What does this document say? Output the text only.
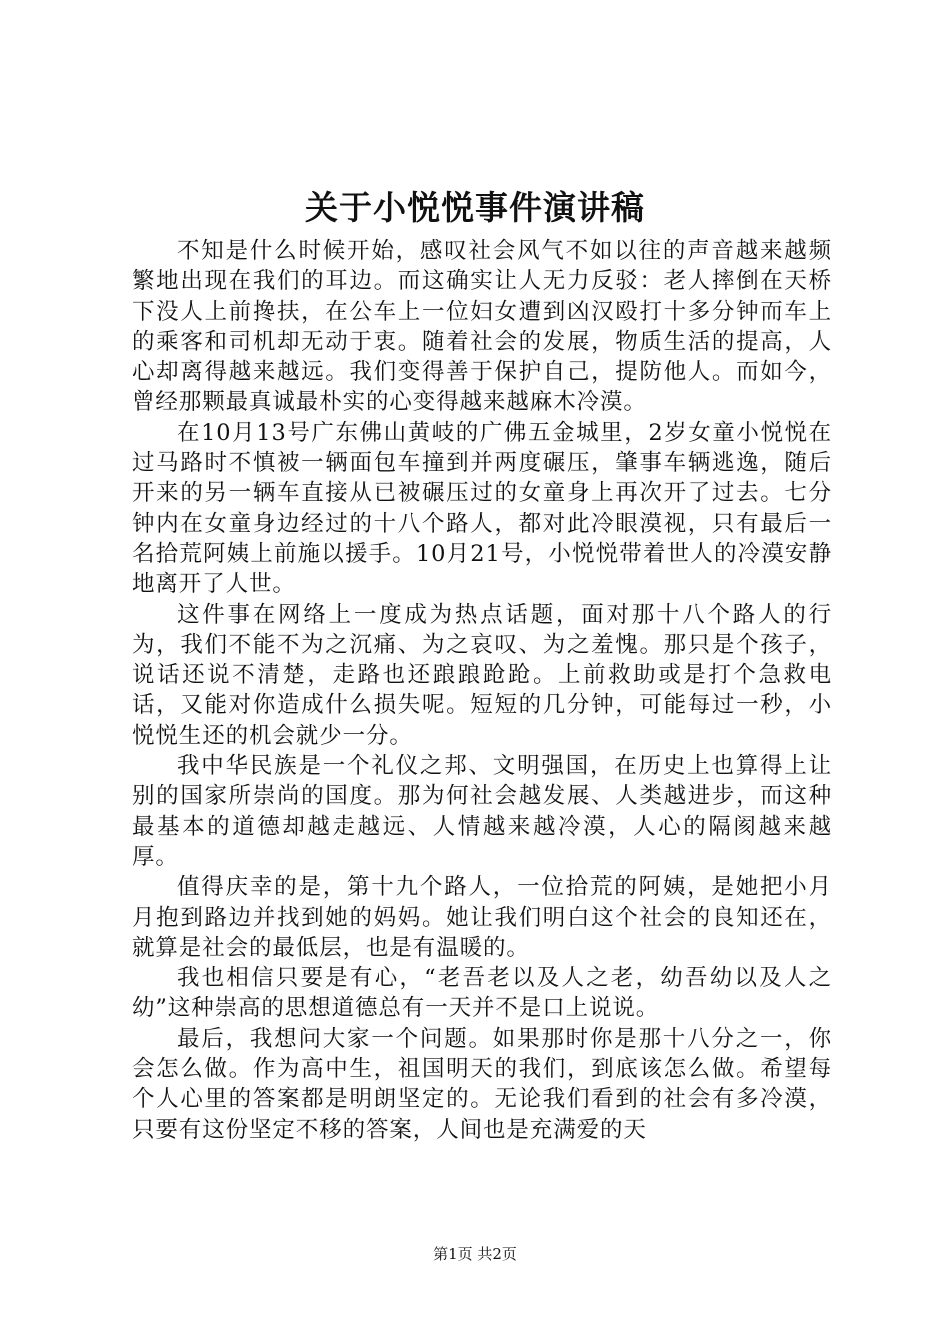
关于小悦悦事件演讲稿

不知是什么时候开始，感叹社会风气不如以往的声音越来越频繁地出现在我们的耳边。而这确实让人无力反驳：老人摔倒在天桥下没人上前搀扶，在公车上一位妇女遭到凶汉殴打十多分钟而车上的乘客和司机却无动于衷。随着社会的发展，物质生活的提高，人心却离得越来越远。我们变得善于保护自己，提防他人。而如今，曾经那颗最真诚最朴实的心变得越来越麻木冷漠。

在10月13号广东佛山黄岐的广佛五金城里，2岁女童小悦悦在过马路时不慎被一辆面包车撞到并两度碾压，肇事车辆逃逸，随后开来的另一辆车直接从已被碾压过的女童身上再次开了过去。七分钟内在女童身边经过的十八个路人，都对此冷眼漠视，只有最后一名拾荒阿姨上前施以援手。10月21号，小悦悦带着世人的冷漠安静地离开了人世。

这件事在网络上一度成为热点话题，面对那十八个路人的行为，我们不能不为之沉痛、为之哀叹、为之羞愧。那只是个孩子，说话还说不清楚，走路也还踉踉跄跄。上前救助或是打个急救电话，又能对你造成什么损失呢。短短的几分钟，可能每过一秒，小悦悦生还的机会就少一分。

我中华民族是一个礼仪之邦、文明强国，在历史上也算得上让别的国家所崇尚的国度。那为何社会越发展、人类越进步，而这种最基本的道德却越走越远、人情越来越冷漠，人心的隔阂越来越厚。

值得庆幸的是，第十九个路人，一位拾荒的阿姨，是她把小月月抱到路边并找到她的妈妈。她让我们明白这个社会的良知还在，就算是社会的最低层，也是有温暖的。

我也相信只要是有心，“老吾老以及人之老，幼吾幼以及人之幼”这种崇高的思想道德总有一天并不是口上说说。

最后，我想问大家一个问题。如果那时你是那十八分之一，你会怎么做。作为高中生，祖国明天的我们，到底该怎么做。希望每个人心里的答案都是明朗坚定的。无论我们看到的社会有多冷漠，只要有这份坚定不移的答案，人间也是充满爱的天

第1页 共2页
